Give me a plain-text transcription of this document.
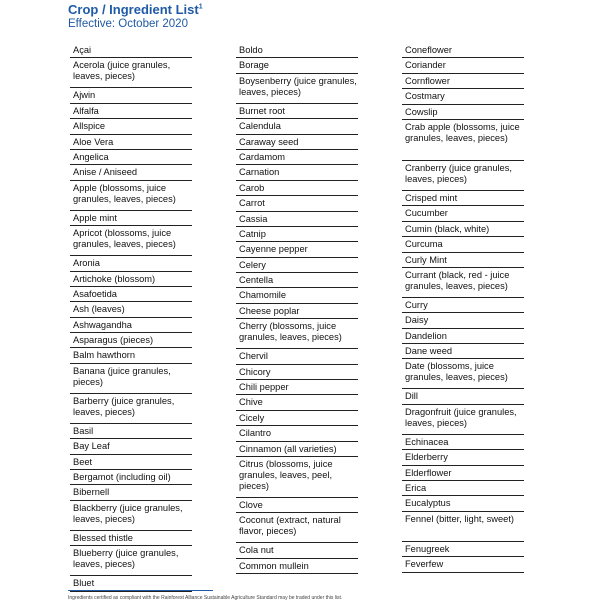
Crop / Ingredient List$^1$
Effective: October 2020
Açai
Acerola (juice granules, leaves, pieces)
Ajwin
Alfalfa
Allspice
Aloe Vera
Angelica
Anise / Aniseed
Apple (blossoms, juice granules, leaves, pieces)
Apple mint
Apricot (blossoms, juice granules, leaves, pieces)
Aronia
Artichoke (blossom)
Asafoetida
Ash (leaves)
Ashwagandha
Asparagus (pieces)
Balm hawthorn
Banana (juice granules, pieces)
Barberry (juice granules, leaves, pieces)
Basil
Bay Leaf
Beet
Bergamot (including oil)
Bibernell
Blackberry (juice granules, leaves, pieces)
Blessed thistle
Blueberry (juice granules, leaves, pieces)
Bluet
Boldo
Borage
Boysenberry (juice granules, leaves, pieces)
Burnet root
Calendula
Caraway seed
Cardamom
Carnation
Carob
Carrot
Cassia
Catnip
Cayenne pepper
Celery
Centella
Chamomile
Cheese poplar
Cherry (blossoms, juice granules, leaves, pieces)
Chervil
Chicory
Chili pepper
Chive
Cicely
Cilantro
Cinnamon (all varieties)
Citrus (blossoms, juice granules, leaves, peel, pieces)
Clove
Coconut (extract, natural flavor, pieces)
Cola nut
Common mullein
Coneflower
Coriander
Cornflower
Costmary
Cowslip
Crab apple (blossoms, juice granules, leaves, pieces)
Cranberry (juice granules, leaves, pieces)
Crisped mint
Cucumber
Cumin (black, white)
Curcuma
Curly Mint
Currant (black, red - juice granules, leaves, pieces)
Curry
Daisy
Dandelion
Dane weed
Date (blossoms, juice granules, leaves, pieces)
Dill
Dragonfruit (juice granules, leaves, pieces)
Echinacea
Elderberry
Elderflower
Erica
Eucalyptus
Fennel (bitter, light, sweet)
Fenugreek
Feverfew
Ingredients certified as compliant with the Rainforest Alliance Sustainable Agriculture Standard may be traded under this list.
